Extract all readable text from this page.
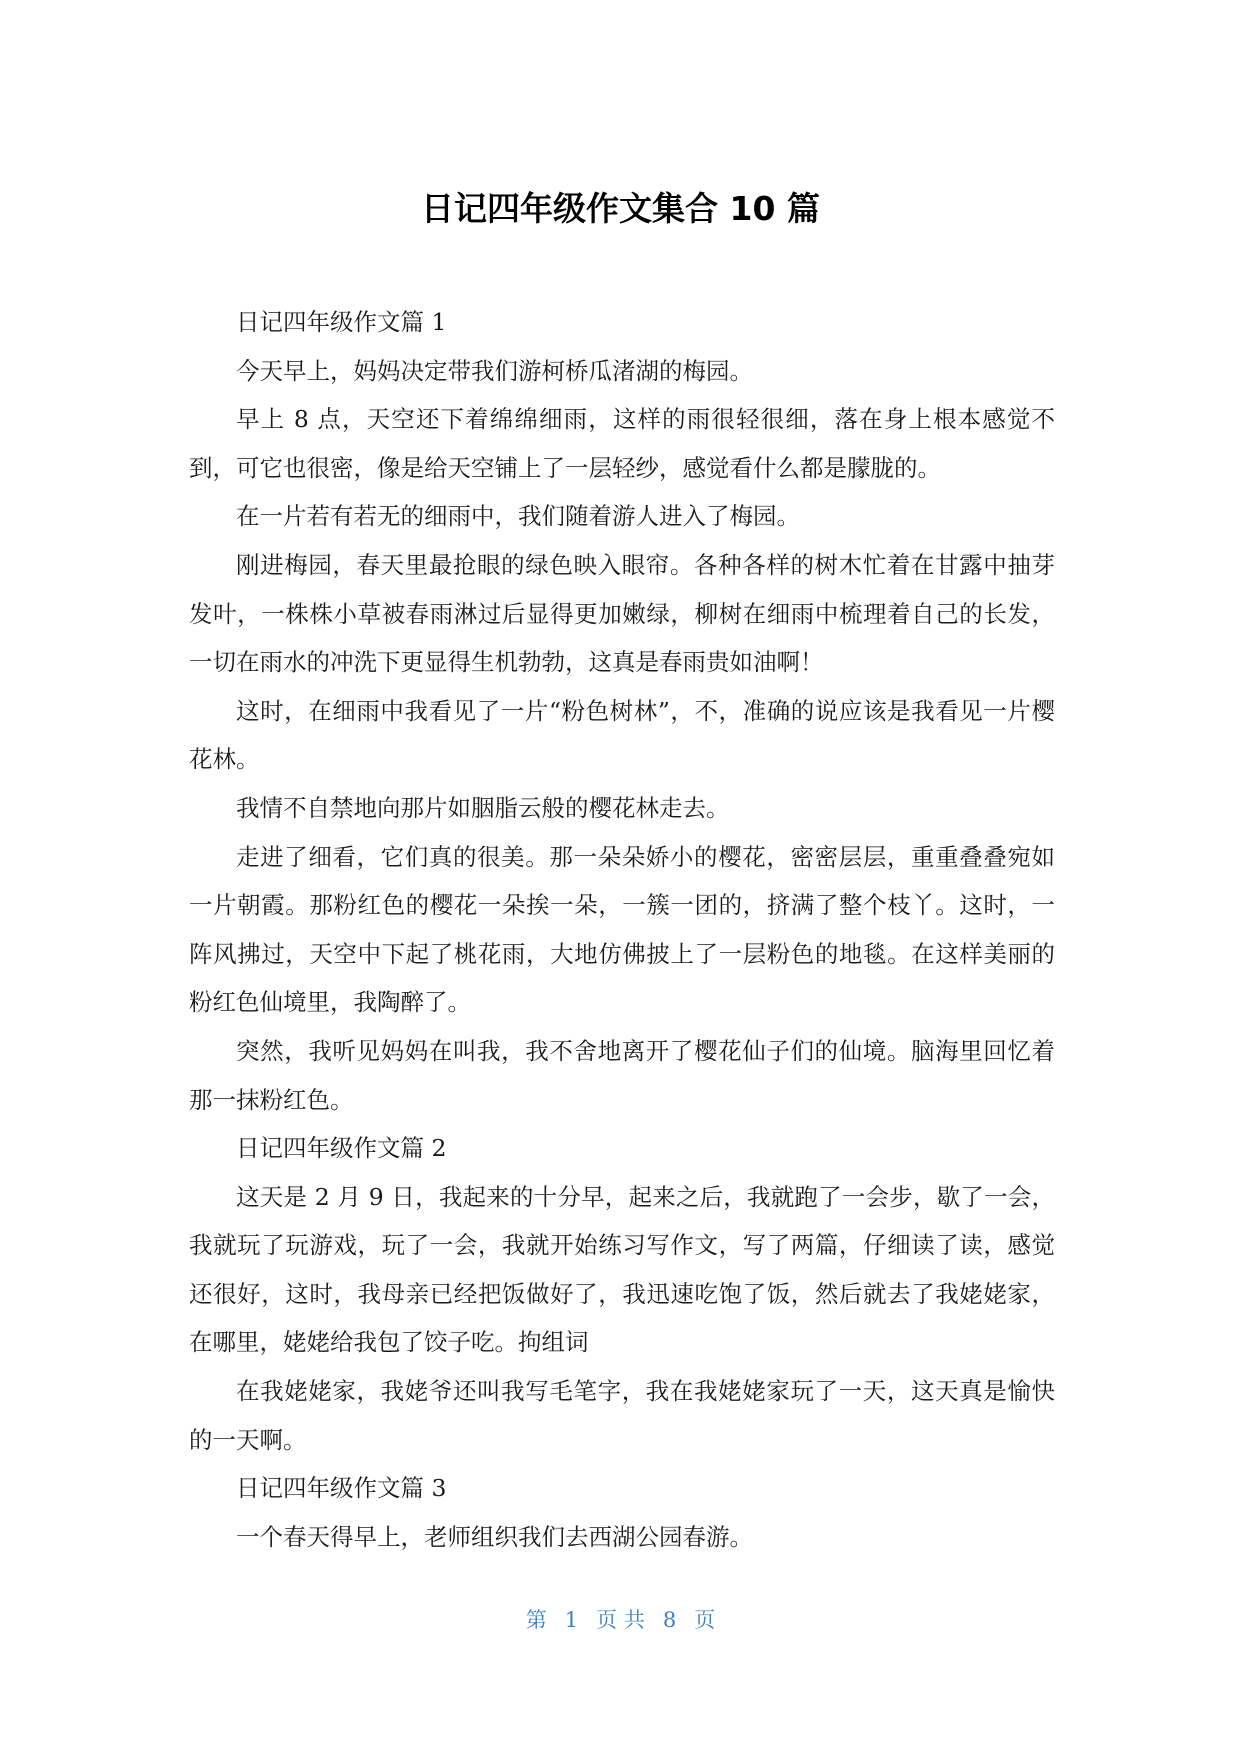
日记四年级作文集合 10 篇

日记四年级作文篇 1

今天早上，妈妈决定带我们游柯桥瓜渚湖的梅园。

早上 8 点，天空还下着绵绵细雨，这样的雨很轻很细，落在身上根本感觉不到，可它也很密，像是给天空铺上了一层轻纱，感觉看什么都是朦胧的。

在一片若有若无的细雨中，我们随着游人进入了梅园。

刚进梅园，春天里最抢眼的绿色映入眼帘。各种各样的树木忙着在甘露中抽芽发叶，一株株小草被春雨淋过后显得更加嫩绿，柳树在细雨中梳理着自己的长发，一切在雨水的冲洗下更显得生机勃勃，这真是春雨贵如油啊！

这时，在细雨中我看见了一片“粉色树林”，不，准确的说应该是我看见一片樱花林。

我情不自禁地向那片如胭脂云般的樱花林走去。

走进了细看，它们真的很美。那一朵朵娇小的樱花，密密层层，重重叠叠宛如一片朝霞。那粉红色的樱花一朵挨一朵，一簇一团的，挤满了整个枝丫。这时，一阵风拂过，天空中下起了桃花雨，大地仿佛披上了一层粉色的地毯。在这样美丽的粉红色仙境里，我陶醉了。

突然，我听见妈妈在叫我，我不舍地离开了樱花仙子们的仙境。脑海里回忆着那一抹粉红色。

日记四年级作文篇 2

这天是 2 月 9 日，我起来的十分早，起来之后，我就跑了一会步，歇了一会，我就玩了玩游戏，玩了一会，我就开始练习写作文，写了两篇，仔细读了读，感觉还很好，这时，我母亲已经把饭做好了，我迅速吃饱了饭，然后就去了我姥姥家，在哪里，姥姥给我包了饺子吃。拘组词

在我姥姥家，我姥爷还叫我写毛笔字，我在我姥姥家玩了一天，这天真是愉快的一天啊。

日记四年级作文篇 3

一个春天得早上，老师组织我们去西湖公园春游。

第 1 页 共 8 页
